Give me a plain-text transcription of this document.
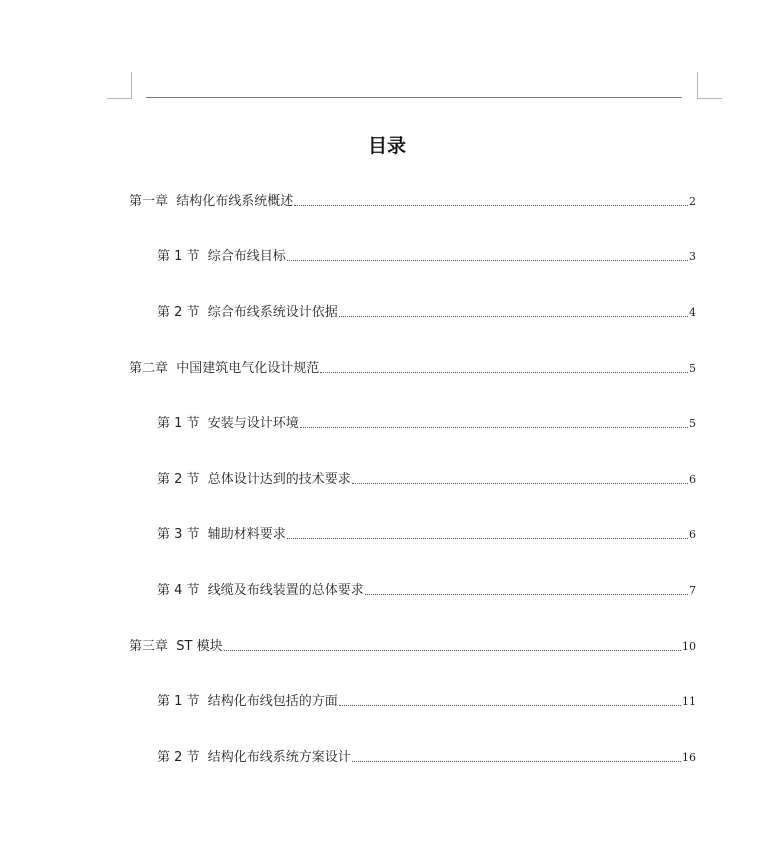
目录
第一章  结构化布线系统概述	2
第 1 节  综合布线目标	3
第 2 节  综合布线系统设计依据	4
第二章  中国建筑电气化设计规范	5
第 1 节  安装与设计环境	5
第 2 节  总体设计达到的技术要求	6
第 3 节  辅助材料要求	6
第 4 节  线缆及布线装置的总体要求	7
第三章  ST 模块	10
第 1 节  结构化布线包括的方面	11
第 2 节  结构化布线系统方案设计	16
